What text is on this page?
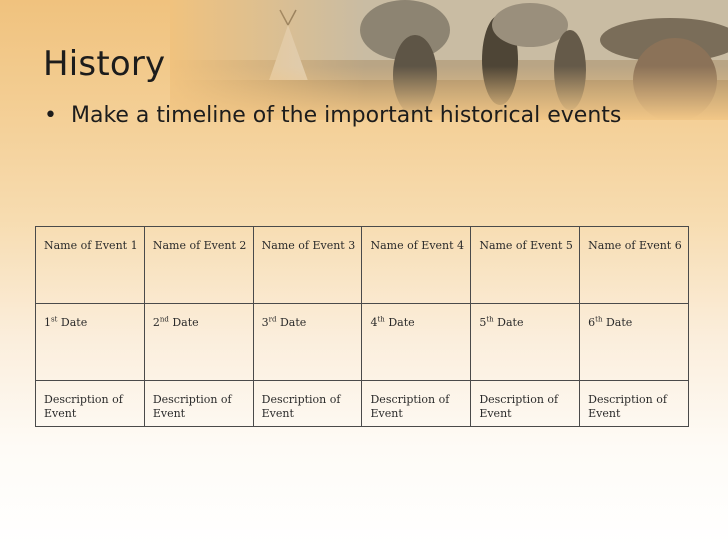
History
• Make a timeline of the important historical events
Name of Event 1	Name of Event 2	Name of Event 3	Name of Event 4	Name of Event 5	Name of Event 6
1st Date	2nd Date	3rd Date	4th Date	5th Date	6th Date
Description of Event	Description of Event	Description of Event	Description of Event	Description of Event	Description of Event
